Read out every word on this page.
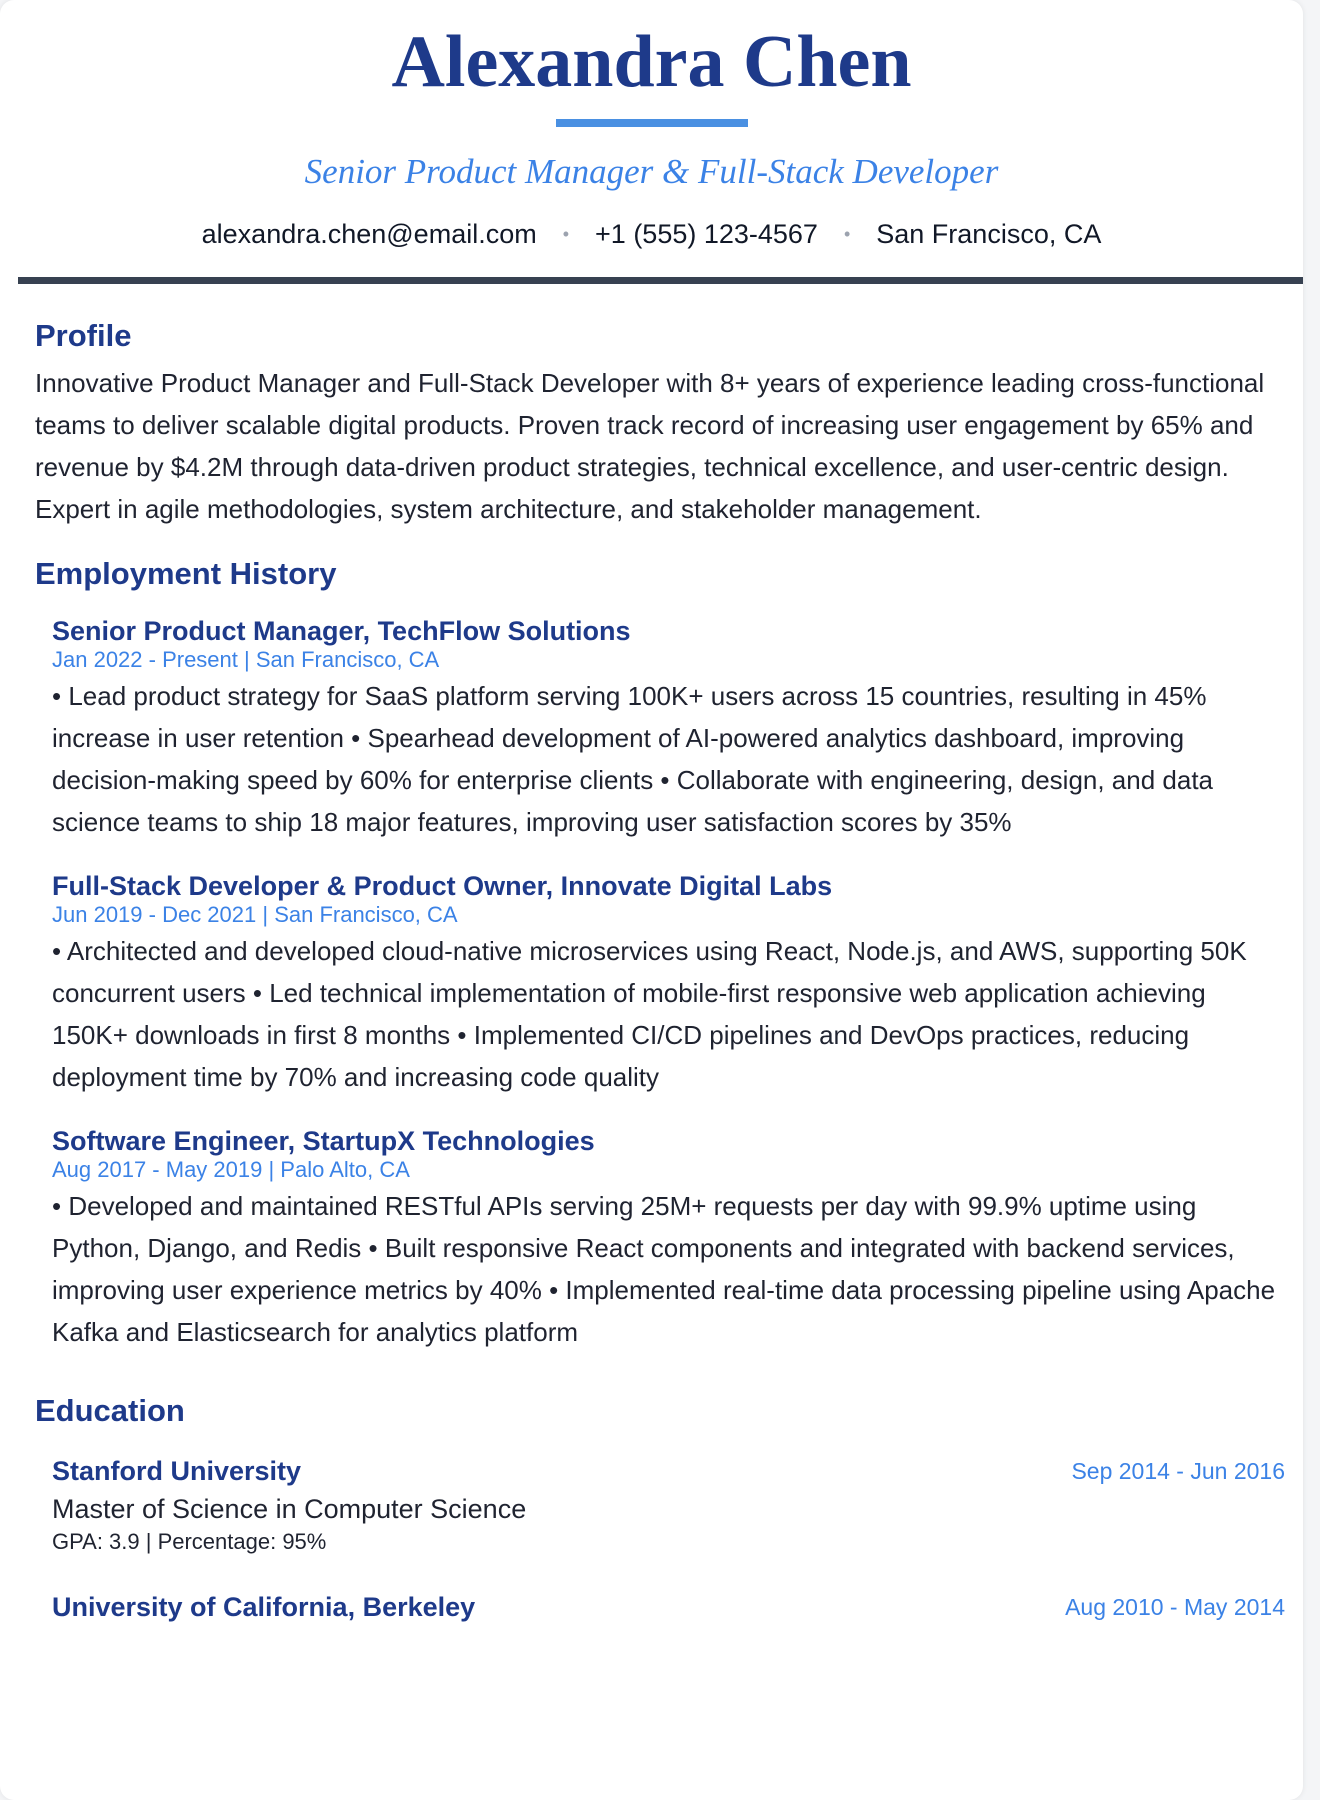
Alexandra Chen
Senior Product Manager & Full-Stack Developer
alexandra.chen@email.com • +1 (555) 123-4567 • San Francisco, CA
Profile
Innovative Product Manager and Full-Stack Developer with 8+ years of experience leading cross-functional teams to deliver scalable digital products. Proven track record of increasing user engagement by 65% and revenue by $4.2M through data-driven product strategies, technical excellence, and user-centric design. Expert in agile methodologies, system architecture, and stakeholder management.
Employment History
Senior Product Manager, TechFlow Solutions
Jan 2022 - Present | San Francisco, CA
• Lead product strategy for SaaS platform serving 100K+ users across 15 countries, resulting in 45% increase in user retention • Spearhead development of AI-powered analytics dashboard, improving decision-making speed by 60% for enterprise clients • Collaborate with engineering, design, and data science teams to ship 18 major features, improving user satisfaction scores by 35%
Full-Stack Developer & Product Owner, Innovate Digital Labs
Jun 2019 - Dec 2021 | San Francisco, CA
• Architected and developed cloud-native microservices using React, Node.js, and AWS, supporting 50K concurrent users • Led technical implementation of mobile-first responsive web application achieving 150K+ downloads in first 8 months • Implemented CI/CD pipelines and DevOps practices, reducing deployment time by 70% and increasing code quality
Software Engineer, StartupX Technologies
Aug 2017 - May 2019 | Palo Alto, CA
• Developed and maintained RESTful APIs serving 25M+ requests per day with 99.9% uptime using Python, Django, and Redis • Built responsive React components and integrated with backend services, improving user experience metrics by 40% • Implemented real-time data processing pipeline using Apache Kafka and Elasticsearch for analytics platform
Education
Stanford University	Sep 2014 - Jun 2016
Master of Science in Computer Science
GPA: 3.9 | Percentage: 95%
University of California, Berkeley	Aug 2010 - May 2014
